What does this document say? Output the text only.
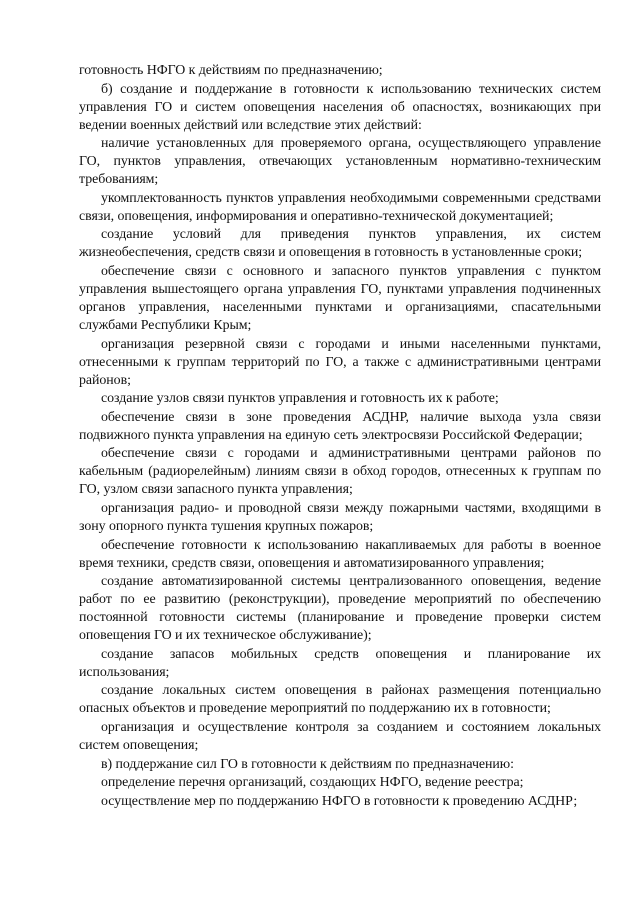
готовность НФГО к действиям по предназначению;

б) создание и поддержание в готовности к использованию технических систем управления ГО и систем оповещения населения об опасностях, возникающих при ведении военных действий или вследствие этих действий:

наличие установленных для проверяемого органа, осуществляющего управление ГО, пунктов управления, отвечающих установленным нормативно-техническим требованиям;

укомплектованность пунктов управления необходимыми современными средствами связи, оповещения, информирования и оперативно-технической документацией;

создание условий для приведения пунктов управления, их систем жизнеобеспечения, средств связи и оповещения в готовность в установленные сроки;

обеспечение связи с основного и запасного пунктов управления с пунктом управления вышестоящего органа управления ГО, пунктами управления подчиненных органов управления, населенными пунктами и организациями, спасательными службами Республики Крым;

организация резервной связи с городами и иными населенными пунктами, отнесенными к группам территорий по ГО, а также с административными центрами районов;

создание узлов связи пунктов управления и готовность их к работе;

обеспечение связи в зоне проведения АСДНР, наличие выхода узла связи подвижного пункта управления на единую сеть электросвязи Российской Федерации;

обеспечение связи с городами и административными центрами районов по кабельным (радиорелейным) линиям связи в обход городов, отнесенных к группам по ГО, узлом связи запасного пункта управления;

организация радио- и проводной связи между пожарными частями, входящими в зону опорного пункта тушения крупных пожаров;

обеспечение готовности к использованию накапливаемых для работы в военное время техники, средств связи, оповещения и автоматизированного управления;

создание автоматизированной системы централизованного оповещения, ведение работ по ее развитию (реконструкции), проведение мероприятий по обеспечению постоянной готовности системы (планирование и проведение проверки систем оповещения ГО и их техническое обслуживание);

создание запасов мобильных средств оповещения и планирование их использования;

создание локальных систем оповещения в районах размещения потенциально опасных объектов и проведение мероприятий по поддержанию их в готовности;

организация и осуществление контроля за созданием и состоянием локальных систем оповещения;

в) поддержание сил ГО в готовности к действиям по предназначению:

определение перечня организаций, создающих НФГО, ведение реестра;

осуществление мер по поддержанию НФГО в готовности к проведению АСДНР;
